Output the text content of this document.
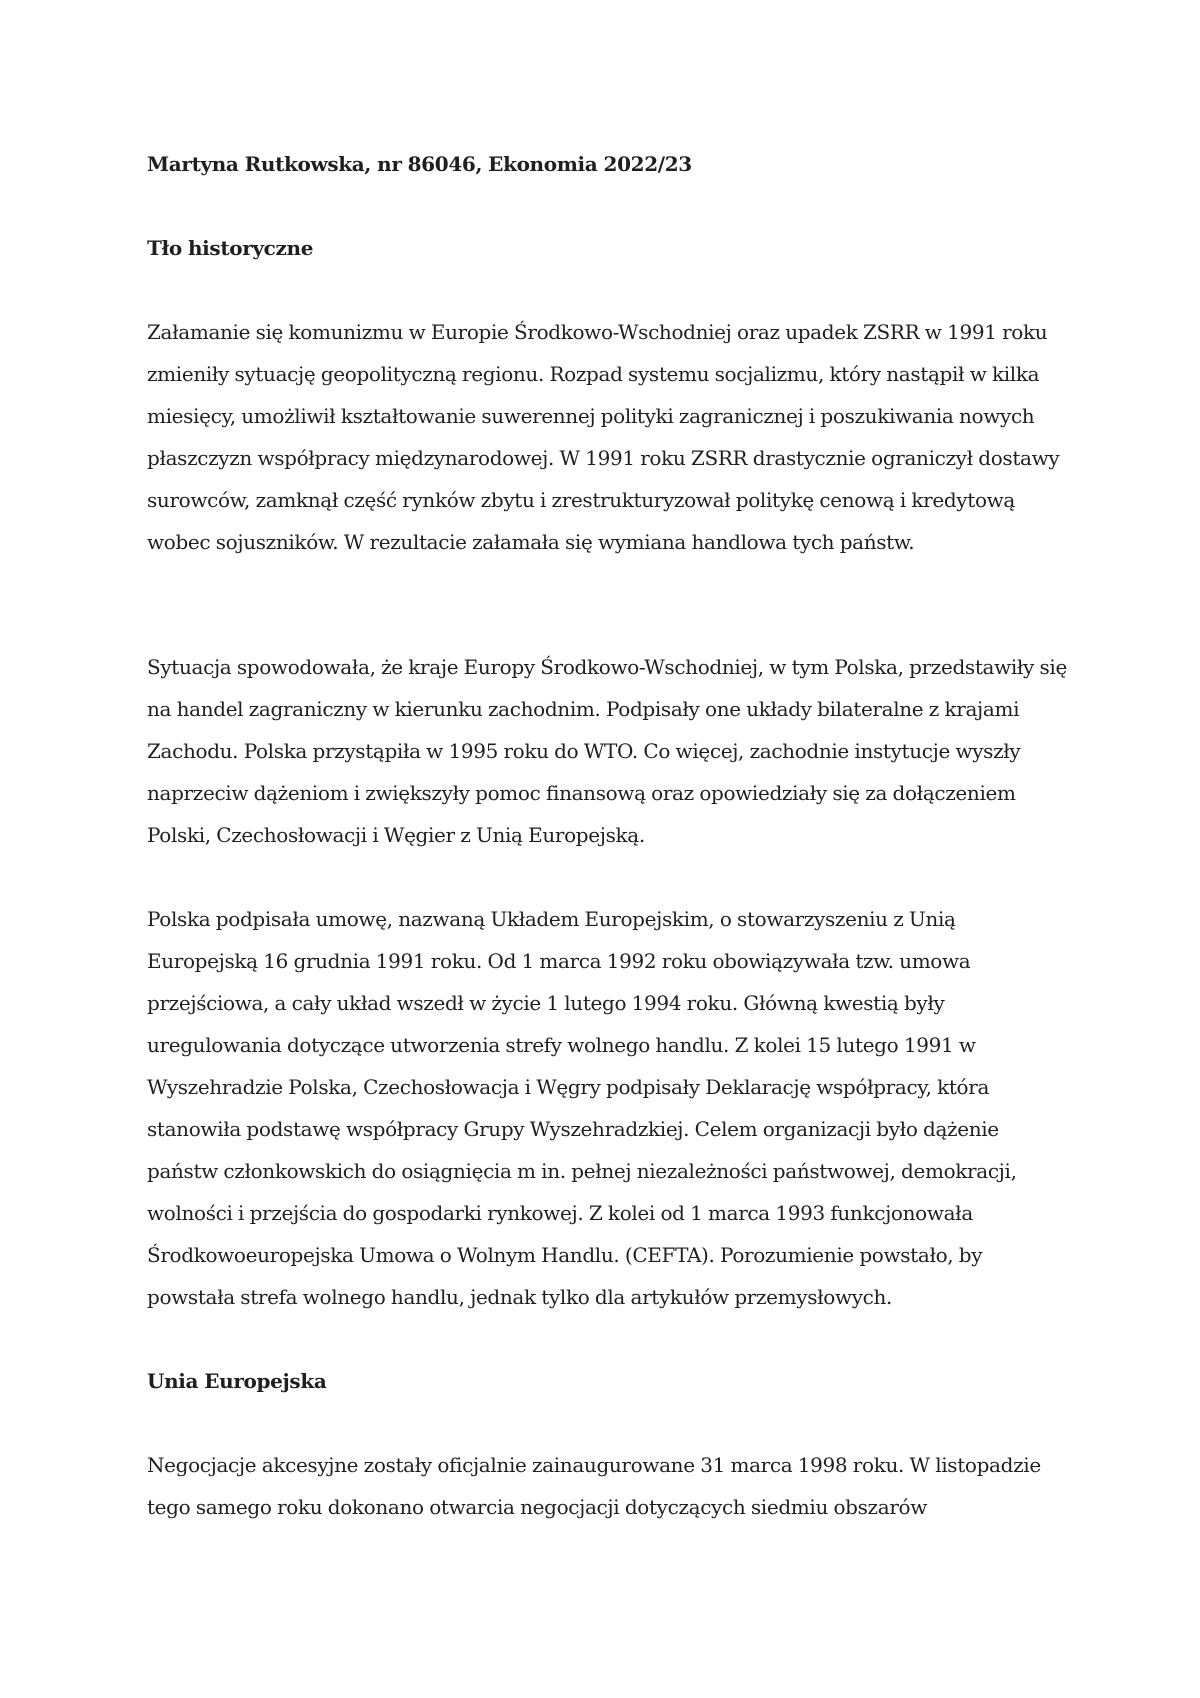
Martyna Rutkowska, nr 86046, Ekonomia 2022/23

Tło historyczne

Załamanie się komunizmu w Europie Środkowo-Wschodniej oraz upadek ZSRR w 1991 roku zmieniły sytuację geopolityczną regionu. Rozpad systemu socjalizmu, który nastąpił w kilka miesięcy, umożliwił kształtowanie suwerennej polityki zagranicznej i poszukiwania nowych płaszczyzn współpracy międzynarodowej. W 1991 roku ZSRR drastycznie ograniczył dostawy surowców, zamknął część rynków zbytu i zrestrukturyzował politykę cenową i kredytową wobec sojuszników. W rezultacie załamała się wymiana handlowa tych państw.

Sytuacja spowodowała, że kraje Europy Środkowo-Wschodniej, w tym Polska, przedstawiły się na handel zagraniczny w kierunku zachodnim. Podpisały one układy bilateralne z krajami Zachodu. Polska przystąpiła w 1995 roku do WTO. Co więcej, zachodnie instytucje wyszły naprzeciw dążeniom i zwiększyły pomoc finansową oraz opowiedziały się za dołączeniem Polski, Czechosłowacji i Węgier z Unią Europejską.

Polska podpisała umowę, nazwaną Układem Europejskim, o stowarzyszeniu z Unią Europejską 16 grudnia 1991 roku. Od 1 marca 1992 roku obowiązywała tzw. umowa przejściowa, a cały układ wszedł w życie 1 lutego 1994 roku. Główną kwestią były uregulowania dotyczące utworzenia strefy wolnego handlu. Z kolei 15 lutego 1991 w Wyszehradzie Polska, Czechosłowacja i Węgry podpisały Deklarację współpracy, która stanowiła podstawę współpracy Grupy Wyszehradzkiej. Celem organizacji było dążenie państw członkowskich do osiągnięcia m in. pełnej niezależności państwowej, demokracji, wolności i przejścia do gospodarki rynkowej. Z kolei od 1 marca 1993 funkcjonowała Środkowoeuropejska Umowa o Wolnym Handlu. (CEFTA). Porozumienie powstało, by powstała strefa wolnego handlu, jednak tylko dla artykułów przemysłowych.

Unia Europejska

Negocjacje akcesyjne zostały oficjalnie zainaugurowane 31 marca 1998 roku. W listopadzie tego samego roku dokonano otwarcia negocjacji dotyczących siedmiu obszarów
